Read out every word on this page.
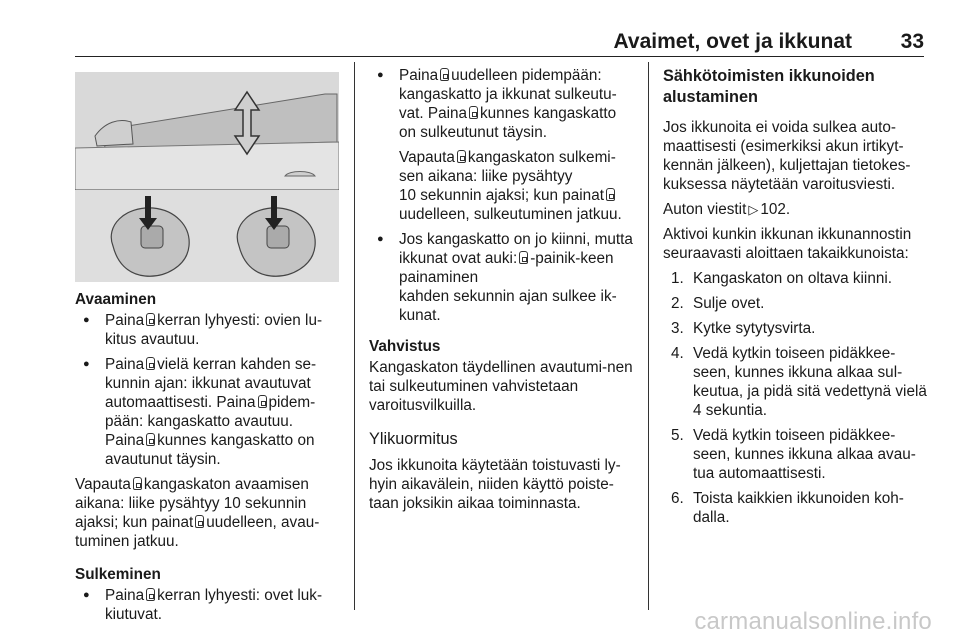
Avaimet, ovet ja ikkunat 33
Avaaminen
● Paina kerran lyhyesti: ovien lu-kitus avautuu.
● Paina vielä kerran kahden se-kunnin ajan: ikkunat avautuvat automaattisesti. Paina pidem-pään: kangaskatto avautuu.
Paina kunnes kangaskatto on avautunut täysin.
Vapauta kangaskaton avaamisen aikana: liike pysähtyy 10 sekunnin ajaksi; kun painat uudelleen, avau-tuminen jatkuu.
Sulkeminen
● Paina kerran lyhyesti: ovet luk-kiutuvat.
● Paina uudelleen pidempään: kangaskatto ja ikkunat sulkeutu-vat. Paina kunnes kangaskatto on sulkeutunut täysin.
Vapauta kangaskaton sulkemi-sen aikana: liike pysähtyy
10 sekunnin ajaksi; kun painatuudelleen, sulkeutuminen jatkuu.
● Jos kangaskatto on jo kiinni, mutta ikkunat ovat auki: -painik-keen painaminen
kahden sekunnin ajan sulkee ik-kunat.
Vahvistus
Kangaskaton täydellinen avautumi-nen tai sulkeutuminen vahvistetaan varoitusvilkuilla.
Ylikuormitus
Jos ikkunoita käytetään toistuvasti ly-hyin aikavälein, niiden käyttö poiste-taan joksikin aikaa toiminnasta.
Sähkötoimisten ikkunoiden alustaminen
Jos ikkunoita ei voida sulkea auto-maattisesti (esimerkiksi akun irtikyt-kennän jälkeen), kuljettajan tietokes-kuksessa näytetään varoitusviesti.
Auton viestit ▷ 102.
Aktivoi kunkin ikkunan ikkunannostin seuraavasti aloittaen takaikkunoista:
1. Kangaskaton on oltava kiinni.
2. Sulje ovet.
3. Kytke sytytysvirta.
4. Vedä kytkin toiseen pidäkkee-seen, kunnes ikkuna alkaa sul-keutua, ja pidä sitä vedettynä vielä 4 sekuntia.
5. Vedä kytkin toiseen pidäkkee-seen, kunnes ikkuna alkaa avau-tua automaattisesti.
6. Toista kaikkien ikkunoiden koh-dalla.
carmanualsonline.info
